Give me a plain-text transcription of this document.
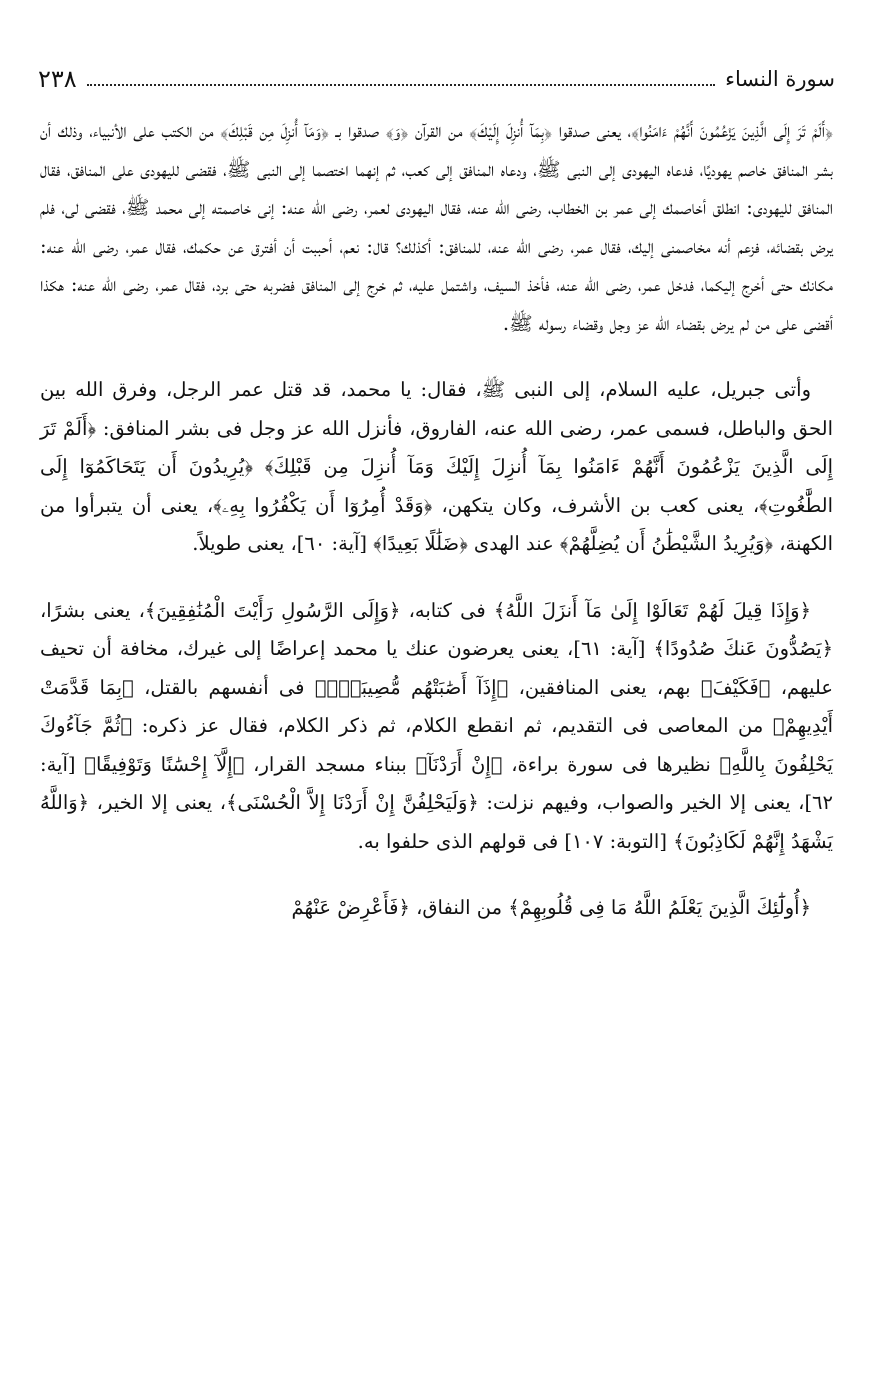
سورة النساء
٢٣٨

﴿أَلَمْ تَرَ إِلَى الَّذِينَ يَزْعُمُونَ أَنَّهُمْ ءَامَنُوا﴾، يعنى صدقوا ﴿بِمَآ أُنزِلَ إِلَيْكَ﴾ من القرآن ﴿وَ﴾ صدقوا بـ ﴿وَمَآ أُنزِلَ مِن قَبْلِكَ﴾ من الكتب على الأنبياء، وذلك أن بشر المنافق خاصم يهوديًا، فدعاه اليهودى إلى النبى ﷺ، ودعاه المنافق إلى كعب، ثم إنهما اختصما إلى النبى ﷺ، فقضى لليهودى على المنافق، فقال المنافق لليهودى: انطلق أخاصمك إلى عمر بن الخطاب، رضى الله عنه، فقال اليهودى لعمر، رضى الله عنه: إنى خاصمته إلى محمد ﷺ، فقضى لى، فلم يرض بقضائه، فزعم أنه مخاصمنى إليك، فقال عمر، رضى الله عنه، للمنافق: أكذلك؟ قال: نعم، أحببت أن أفترق عن حكمك، فقال عمر، رضى الله عنه: مكانك حتى أخرج إليكما، فدخل عمر، رضى الله عنه، فأخذ السيف، واشتمل عليه، ثم خرج إلى المنافق فضربه حتى برد، فقال عمر، رضى الله عنه: هكذا أقضى على من لم يرض بقضاء الله عز وجل وقضاء رسوله ﷺ.

وأتى جبريل، عليه السلام، إلى النبى ﷺ، فقال: يا محمد، قد قتل عمر الرجل، وفرق الله بين الحق والباطل، فسمى عمر، رضى الله عنه، الفاروق، فأنزل الله عز وجل فى بشر المنافق: ﴿أَلَمْ تَرَ إِلَى الَّذِينَ يَزْعُمُونَ أَنَّهُمْ ءَامَنُوا بِمَآ أُنزِلَ إِلَيْكَ وَمَآ أُنزِلَ مِن قَبْلِكَ﴾ ﴿يُرِيدُونَ أَن يَتَحَاكَمُوٓا إِلَى الطَّٰغُوتِ﴾، يعنى كعب بن الأشرف، وكان يتكهن، ﴿وَقَدْ أُمِرُوٓا أَن يَكْفُرُوا بِهِۦ﴾، يعنى أن يتبرأوا من الكهنة، ﴿وَيُرِيدُ الشَّيْطَٰنُ أَن يُضِلَّهُمْ﴾ عند الهدى ﴿ضَلَٰلًا بَعِيدًا﴾ [آية: ٦٠]، يعنى طويلاً.

﴿وَإِذَا قِيلَ لَهُمْ تَعَالَوْا إِلَىٰ مَآ أَنزَلَ اللَّهُ﴾ فى كتابه، ﴿وَإِلَى الرَّسُولِ رَأَيْتَ الْمُنَٰفِقِينَ﴾، يعنى بشرًا، ﴿يَصُدُّونَ عَنكَ صُدُودًا﴾ [آية: ٦١]، يعنى يعرضون عنك يا محمد إعراضًا إلى غيرك، مخافة أن تحيف عليهم، ﴿فَكَيْفَ﴾ بهم، يعنى المنافقين، ﴿إِذَآ أَصَٰبَتْهُم مُّصِيبَةٌۢ﴾ فى أنفسهم بالقتل، ﴿بِمَا قَدَّمَتْ أَيْدِيهِمْ﴾ من المعاصى فى التقديم، ثم انقطع الكلام، ثم ذكر الكلام، فقال عز ذكره: ﴿ثُمَّ جَآءُوكَ يَحْلِفُونَ بِاللَّهِ﴾ نظيرها فى سورة براءة، ﴿إِنْ أَرَدْنَآ﴾ ببناء مسجد القرار، ﴿إِلَّآ إِحْسَٰنًا وَتَوْفِيقًا﴾ [آية: ٦٢]، يعنى إلا الخير والصواب، وفيهم نزلت: ﴿وَلَيَحْلِفُنَّ إِنْ أَرَدْنَا إِلاَّ الْحُسْنَى﴾، يعنى إلا الخير، ﴿وَاللَّهُ يَشْهَدُ إِنَّهُمْ لَكَاذِبُونَ﴾ [التوبة: ١٠٧] فى قولهم الذى حلفوا به.

﴿أُولَٰٓئِكَ الَّذِينَ يَعْلَمُ اللَّهُ مَا فِى قُلُوبِهِمْ﴾ من النفاق، ﴿فَأَعْرِضْ عَنْهُمْ
